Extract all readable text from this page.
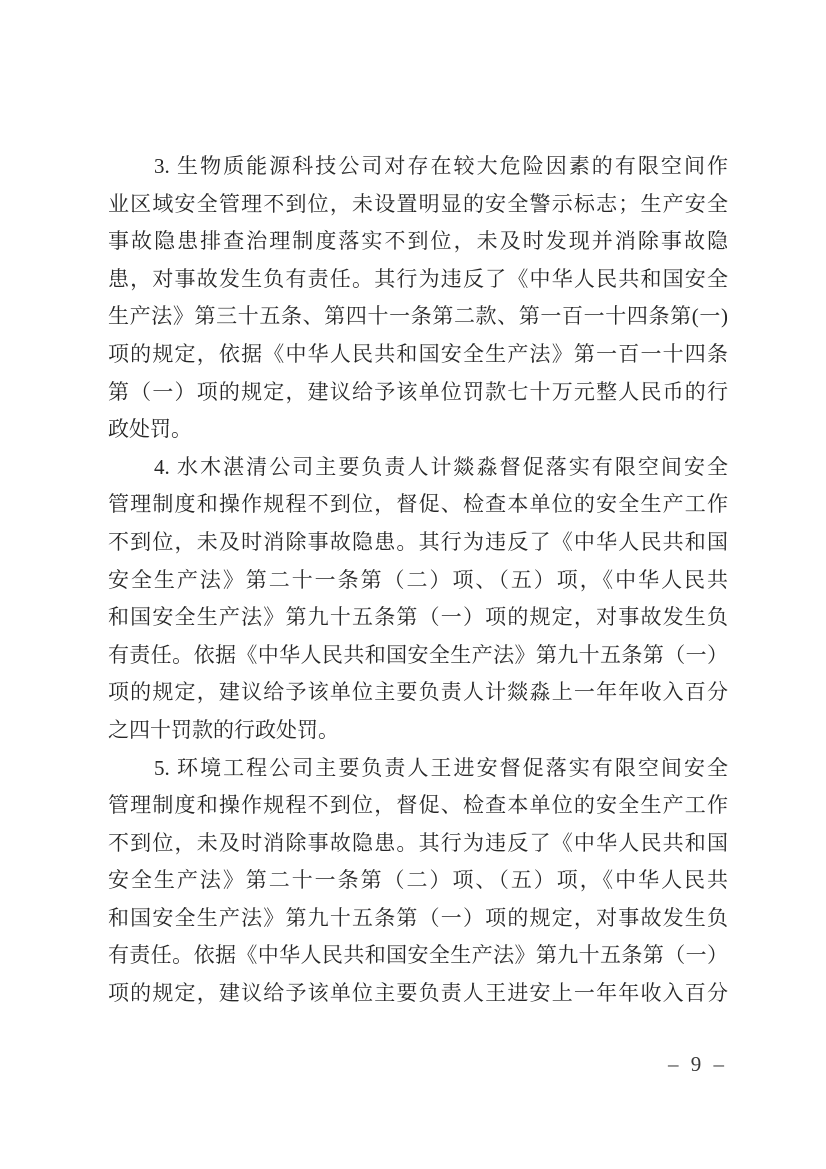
3. 生物质能源科技公司对存在较大危险因素的有限空间作
业区域安全管理不到位，未设置明显的安全警示标志；生产安全
事故隐患排查治理制度落实不到位，未及时发现并消除事故隐
患，对事故发生负有责任。其行为违反了《中华人民共和国安全
生产法》第三十五条、第四十一条第二款、第一百一十四条第(一)
项的规定，依据《中华人民共和国安全生产法》第一百一十四条
第（一）项的规定，建议给予该单位罚款七十万元整人民币的行
政处罚。

4. 水木湛清公司主要负责人计燚淼督促落实有限空间安全
管理制度和操作规程不到位，督促、检查本单位的安全生产工作
不到位，未及时消除事故隐患。其行为违反了《中华人民共和国
安全生产法》第二十一条第（二）项、（五）项，《中华人民共
和国安全生产法》第九十五条第（一）项的规定，对事故发生负
有责任。依据《中华人民共和国安全生产法》第九十五条第（一）
项的规定，建议给予该单位主要负责人计燚淼上一年年收入百分
之四十罚款的行政处罚。

5. 环境工程公司主要负责人王进安督促落实有限空间安全
管理制度和操作规程不到位，督促、检查本单位的安全生产工作
不到位，未及时消除事故隐患。其行为违反了《中华人民共和国
安全生产法》第二十一条第（二）项、（五）项，《中华人民共
和国安全生产法》第九十五条第（一）项的规定，对事故发生负
有责任。依据《中华人民共和国安全生产法》第九十五条第（一）
项的规定，建议给予该单位主要负责人王进安上一年年收入百分

– 9 –
